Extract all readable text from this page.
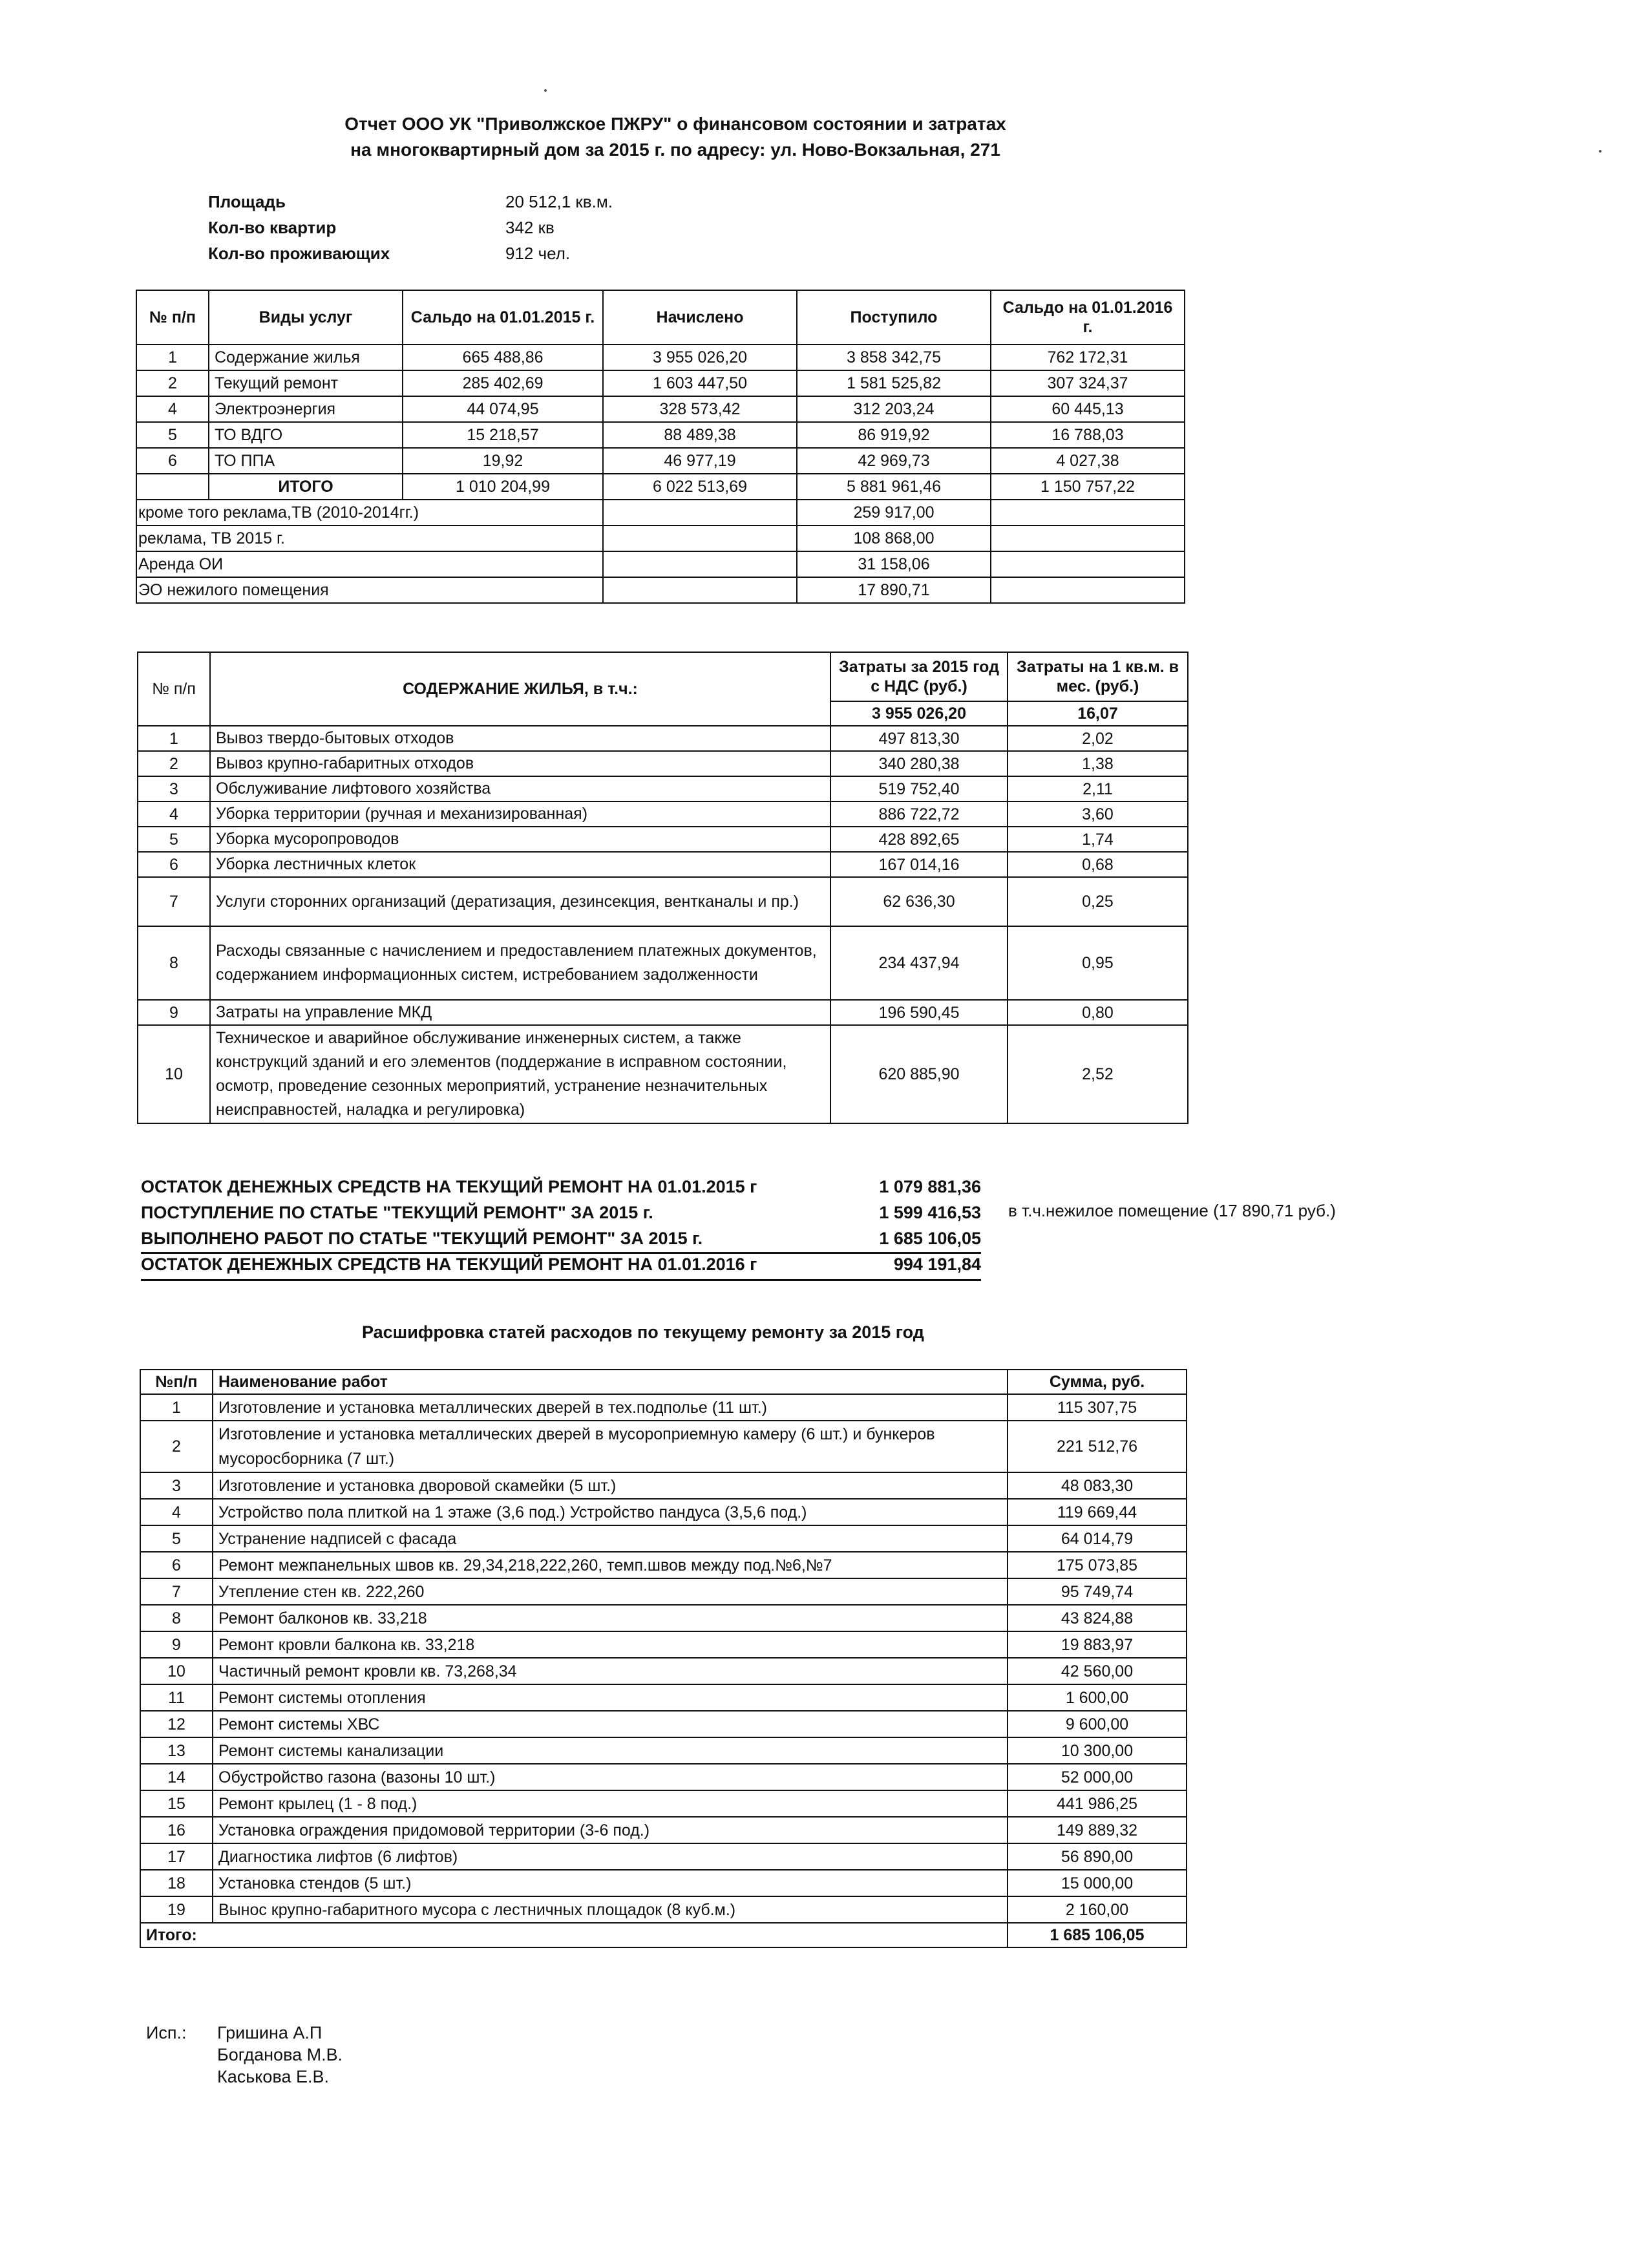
Отчет ООО УК "Приволжское ПЖРУ" о финансовом состоянии и затратах
на многоквартирный дом за 2015 г. по адресу: ул. Ново-Вокзальная, 271
Площадь	20 512,1 кв.м.
Кол-во квартир	342 кв
Кол-во проживающих	912 чел.
№ п/п	Виды услуг	Сальдо на 01.01.2015 г.	Начислено	Поступило	Сальдо на 01.01.2016 г.
1	Содержание жилья	665 488,86	3 955 026,20	3 858 342,75	762 172,31
2	Текущий ремонт	285 402,69	1 603 447,50	1 581 525,82	307 324,37
4	Электроэнергия	44 074,95	328 573,42	312 203,24	60 445,13
5	ТО ВДГО	15 218,57	88 489,38	86 919,92	16 788,03
6	ТО ППА	19,92	46 977,19	42 969,73	4 027,38
	ИТОГО	1 010 204,99	6 022 513,69	5 881 961,46	1 150 757,22
кроме того реклама,ТВ (2010-2014гг.)				259 917,00	
реклама, ТВ 2015 г.				108 868,00	
Аренда ОИ				31 158,06	
ЭО нежилого помещения				17 890,71	
№ п/п	СОДЕРЖАНИЕ ЖИЛЬЯ, в т.ч.:	Затраты за 2015 год с НДС (руб.)	Затраты на 1 кв.м. в мес. (руб.)
		3 955 026,20	16,07
1	Вывоз твердо-бытовых отходов	497 813,30	2,02
2	Вывоз крупно-габаритных отходов	340 280,38	1,38
3	Обслуживание лифтового хозяйства	519 752,40	2,11
4	Уборка территории (ручная и механизированная)	886 722,72	3,60
5	Уборка мусоропроводов	428 892,65	1,74
6	Уборка лестничных клеток	167 014,16	0,68
7	Услуги сторонних организаций (дератизация, дезинсекция, вентканалы и пр.)	62 636,30	0,25
8	Расходы связанные с начислением и предоставлением платежных документов, содержанием информационных систем, истребованием задолженности	234 437,94	0,95
9	Затраты на управление МКД	196 590,45	0,80
10	Техническое и аварийное обслуживание инженерных систем, а также конструкций зданий и его элементов (поддержание в исправном состоянии, осмотр, проведение сезонных мероприятий, устранение незначительных неисправностей, наладка и регулировка)	620 885,90	2,52
ОСТАТОК ДЕНЕЖНЫХ СРЕДСТВ НА ТЕКУЩИЙ РЕМОНТ НА 01.01.2015 г	1 079 881,36
ПОСТУПЛЕНИЕ ПО СТАТЬЕ "ТЕКУЩИЙ РЕМОНТ" ЗА 2015 г.	1 599 416,53
ВЫПОЛНЕНО РАБОТ ПО СТАТЬЕ "ТЕКУЩИЙ РЕМОНТ" ЗА 2015 г.	1 685 106,05
ОСТАТОК ДЕНЕЖНЫХ СРЕДСТВ НА ТЕКУЩИЙ РЕМОНТ НА 01.01.2016 г	994 191,84
в т.ч.нежилое помещение (17 890,71 руб.)
Расшифровка статей расходов по текущему ремонту за 2015 год
№п/п	Наименование работ	Сумма, руб.
1	Изготовление и установка металлических дверей в тех.подполье (11 шт.)	115 307,75
2	Изготовление и установка металлических дверей в мусороприемную камеру (6 шт.) и бункеров мусоросборника (7 шт.)	221 512,76
3	Изготовление и установка дворовой скамейки (5 шт.)	48 083,30
4	Устройство пола плиткой на 1 этаже (3,6 под.) Устройство пандуса (3,5,6 под.)	119 669,44
5	Устранение надписей с фасада	64 014,79
6	Ремонт межпанельных швов кв. 29,34,218,222,260, темп.швов между под.№6,№7	175 073,85
7	Утепление стен кв. 222,260	95 749,74
8	Ремонт балконов кв. 33,218	43 824,88
9	Ремонт кровли балкона кв. 33,218	19 883,97
10	Частичный ремонт кровли кв. 73,268,34	42 560,00
11	Ремонт системы отопления	1 600,00
12	Ремонт системы ХВС	9 600,00
13	Ремонт системы канализации	10 300,00
14	Обустройство газона (вазоны 10 шт.)	52 000,00
15	Ремонт крылец (1 - 8 под.)	441 986,25
16	Установка ограждения придомовой территории (3-6 под.)	149 889,32
17	Диагностика лифтов (6 лифтов)	56 890,00
18	Установка стендов (5 шт.)	15 000,00
19	Вынос крупно-габаритного мусора с лестничных площадок (8 куб.м.)	2 160,00
Итого:		1 685 106,05
Исп.: Гришина А.П
Богданова М.В.
Каськова Е.В.
